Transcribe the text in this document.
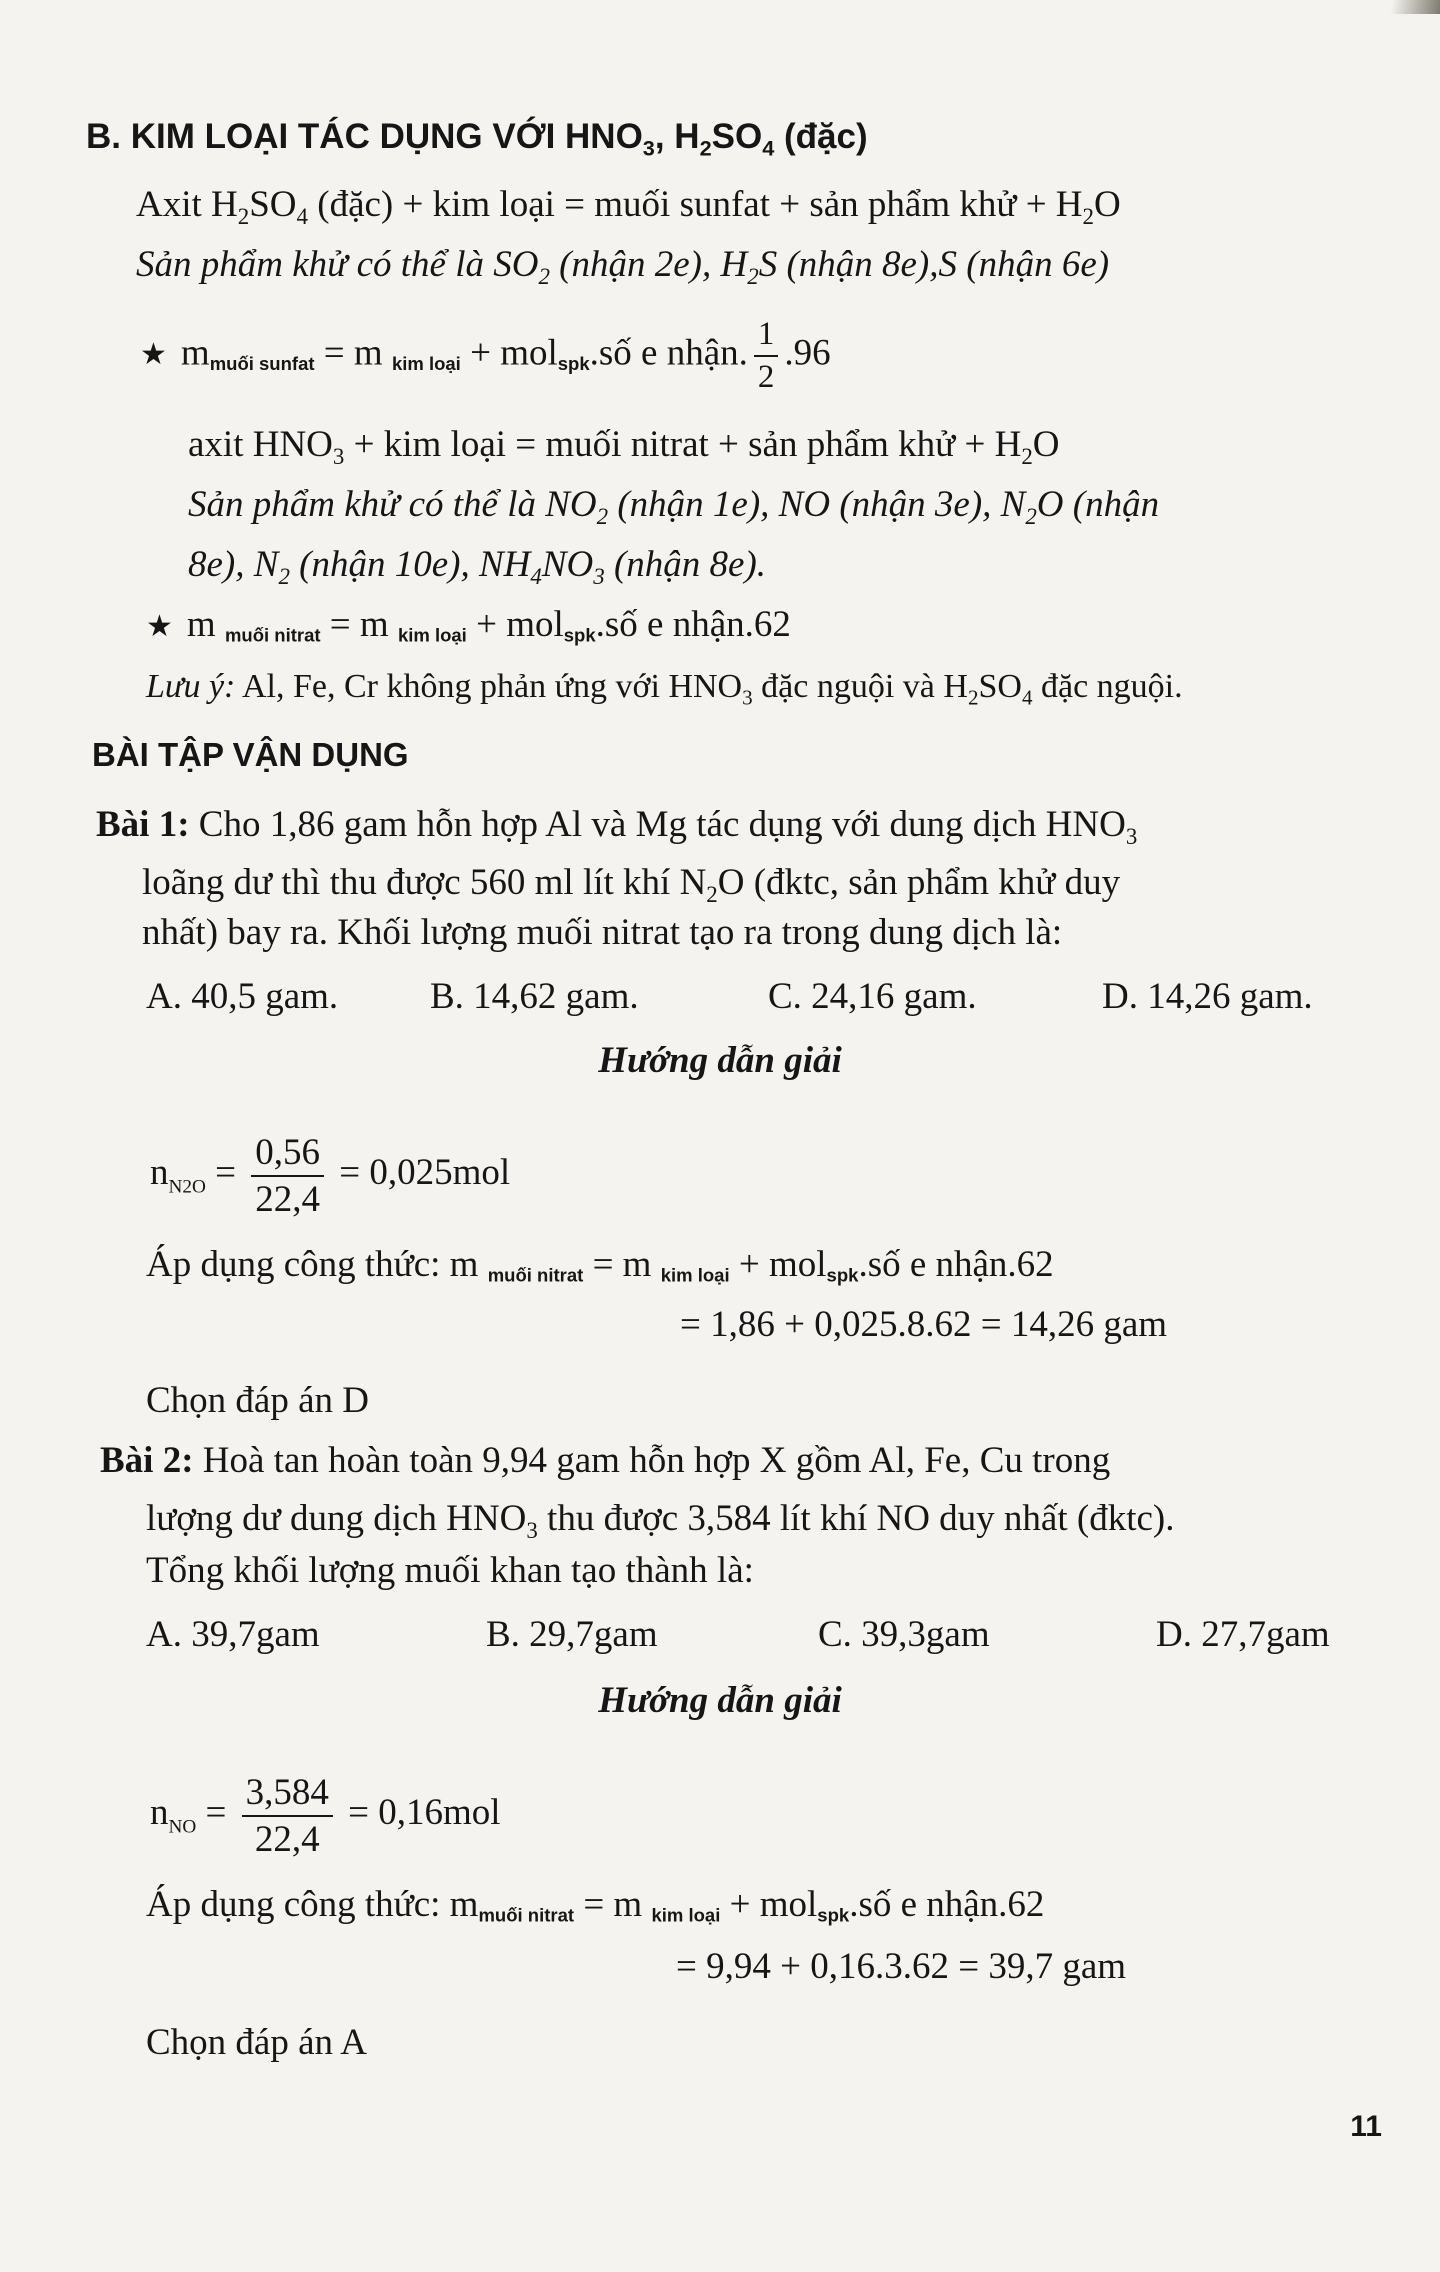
B. KIM LOẠI TÁC DỤNG VỚI $HNO_3$, $H_2SO_4$ (đặc)
Axit $H_2SO_4$ (đặc) + kim loại = muối sunfat + sản phẩm khử + $H_2O$
Sản phẩm khử có thể là $SO_2$ (nhận 2e), $H_2S$ (nhận 8e),S (nhận 6e)
★ mmuối sunfat = m kim loại + molspk.số e nhận. $\frac{1}{2} .96$
axit $HNO_3$ + kim loại = muối nitrat + sản phẩm khử + $H_2O$
Sản phẩm khử có thể là $NO_2$ (nhận 1e), NO (nhận 3e), $N_2O$ (nhận
8e), $N_2$ (nhận 10e), $NH_4NO_3$ (nhận 8e).
★ m muối nitrat = m kim loại + molspk.số e nhận.62
Lưu ý: Al, Fe, Cr không phản ứng với $HNO_3$ đặc nguội và $H_2SO_4$ đặc nguội.
BÀI TẬP VẬN DỤNG
Bài 1: Cho 1,86 gam hỗn hợp Al và Mg tác dụng với dung dịch $HNO_3$
loãng dư thì thu được 560 ml lít khí $N_2O$ (đktc, sản phẩm khử duy
nhất) bay ra. Khối lượng muối nitrat tạo ra trong dung dịch là:
A. 40,5 gam. B. 14,62 gam.	C. 24,16 gam.	D. 14,26 gam.
Hướng dẫn giải
$n_{N2O} = \frac{0,56}{22,4} = 0,025mol$
Áp dụng công thức: m muối nitrat = m kim loại + molspk.số e nhận.62
= 1,86 + 0,025.8.62 = 14,26 gam
Chọn đáp án D
Bài 2: Hoà tan hoàn toàn 9,94 gam hỗn hợp X gồm Al, Fe, Cu trong
lượng dư dung dịch $HNO_3$ thu được 3,584 lít khí NO duy nhất (đktc).
Tổng khối lượng muối khan tạo thành là:
A. 39,7gam	B. 29,7gam	C. 39,3gam	D. 27,7gam
Hướng dẫn giải
$n_{NO} = \frac{3,584}{22,4} = 0,16mol$
Áp dụng công thức: mmuối nitrat = m kim loại + molspk.số e nhận.62
= 9,94 + 0,16.3.62 = 39,7 gam
Chọn đáp án A
11
